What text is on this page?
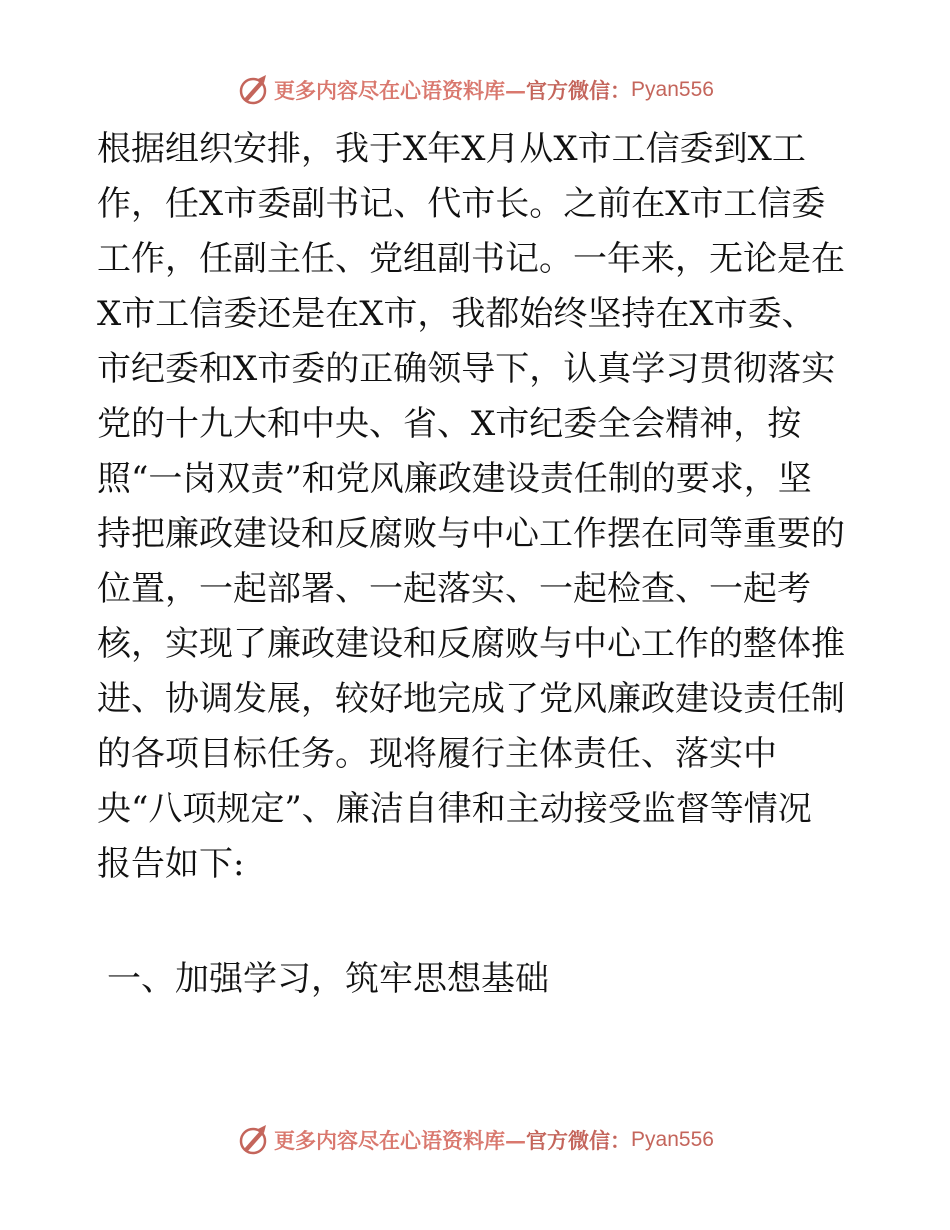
更多内容尽在心语资料库 — 官方微信： Pyan556
根据组织安排，我于X年X月从X市工信委到X工
作，任X市委副书记、代市长。之前在X市工信委
工作，任副主任、党组副书记。一年来，无论是在
X市工信委还是在X市，我都始终坚持在X市委、
市纪委和X市委的正确领导下，认真学习贯彻落实
党的十九大和中央、省、X市纪委全会精神，按
照“一岗双责”和党风廉政建设责任制的要求，坚
持把廉政建设和反腐败与中心工作摆在同等重要的
位置，一起部署、一起落实、一起检查、一起考
核，实现了廉政建设和反腐败与中心工作的整体推
进、协调发展，较好地完成了党风廉政建设责任制
的各项目标任务。现将履行主体责任、落实中
央“八项规定”、廉洁自律和主动接受监督等情况
报告如下:
一、加强学习，筑牢思想基础
更多内容尽在心语资料库 — 官方微信： Pyan556
